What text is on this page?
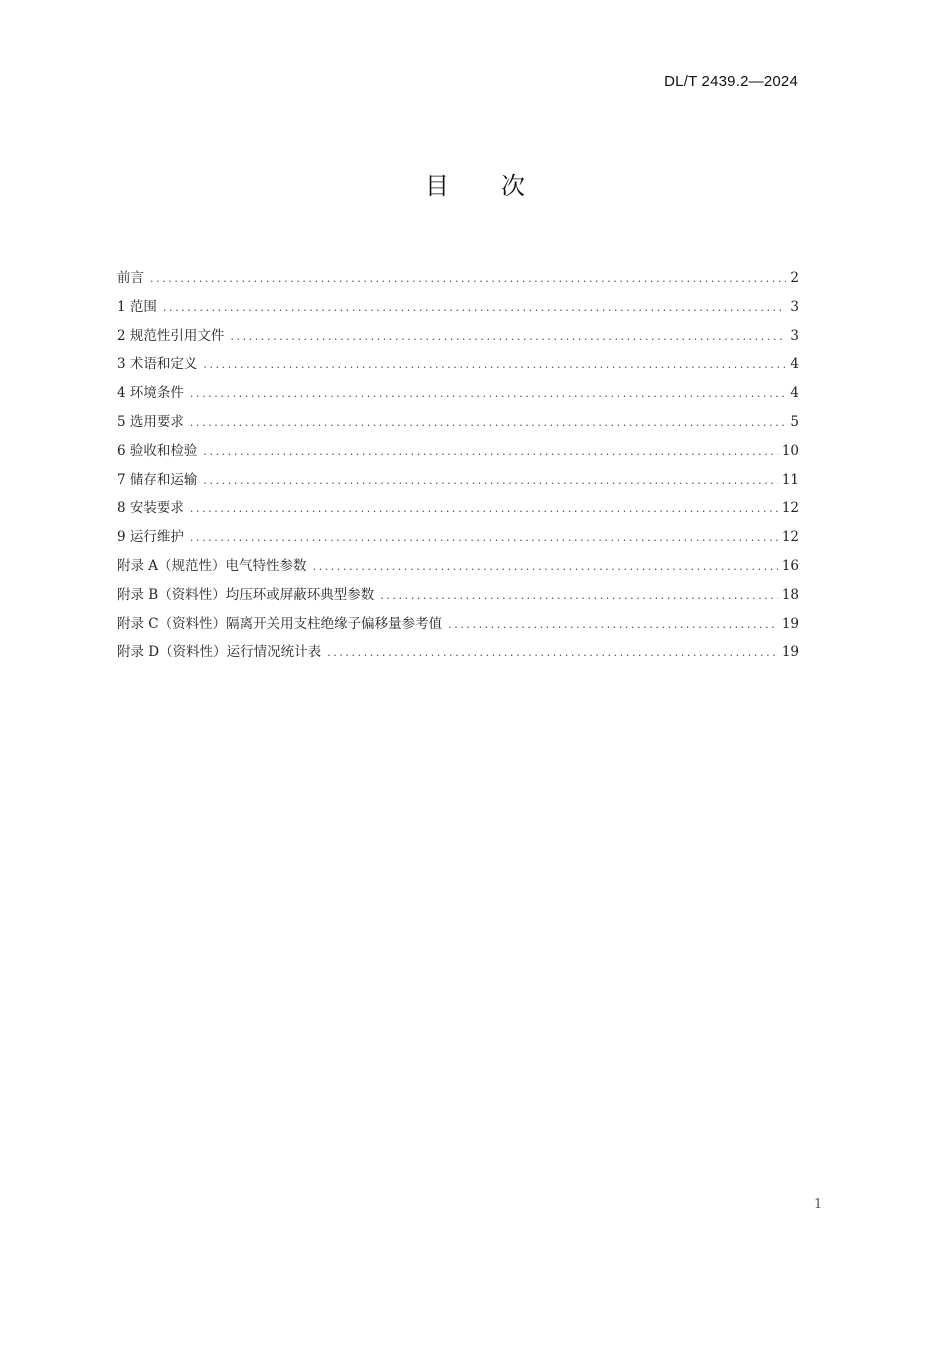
DL/T 2439.2—2024
目 次
前言 .....	2
1 范围 .....	3
2 规范性引用文件 .....	3
3 术语和定义 .....	4
4 环境条件 .....	4
5 选用要求 .....	5
6 验收和检验 .....	10
7 储存和运输 .....	11
8 安装要求 .....	12
9 运行维护 .....	12
附录 A（规范性）电气特性参数 .....	16
附录 B（资料性）均压环或屏蔽环典型参数 .....	18
附录 C（资料性）隔离开关用支柱绝缘子偏移量参考值 .....	19
附录 D（资料性）运行情况统计表 .....	19
1
